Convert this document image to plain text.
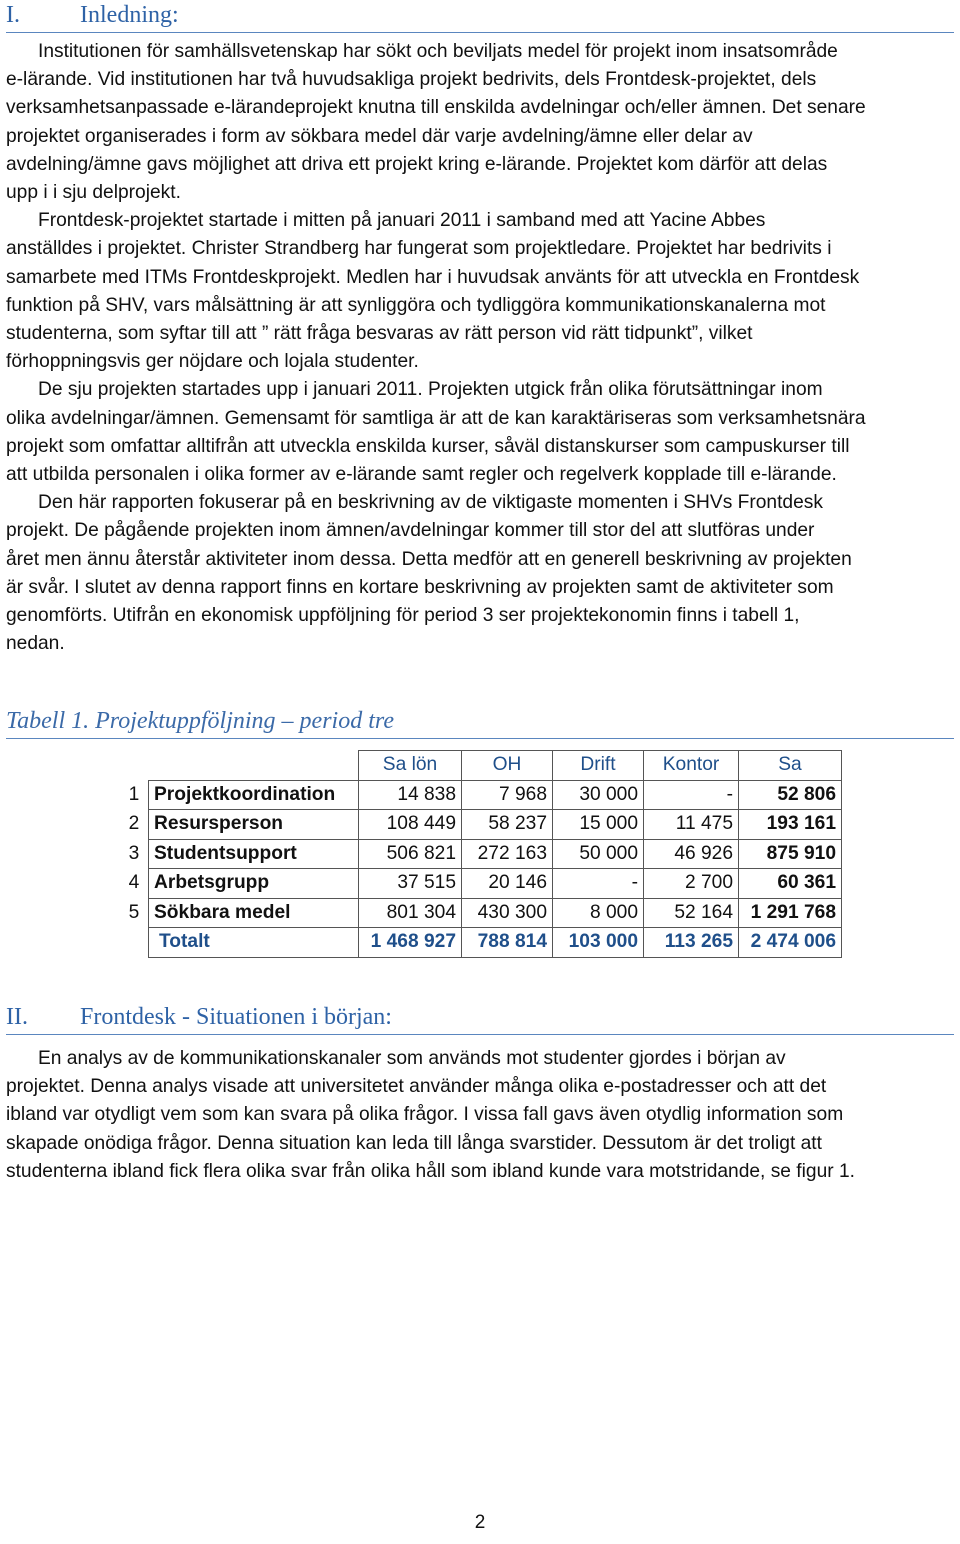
I.	Inledning:

Institutionen för samhällsvetenskap har sökt och beviljats medel för projekt inom insatsområde

e-lärande. Vid institutionen har två huvudsakliga projekt bedrivits, dels Frontdesk-projektet, dels

verksamhetsanpassade e-lärandeprojekt knutna till enskilda avdelningar och/eller ämnen. Det senare

projektet organiserades i form av sökbara medel där varje avdelning/ämne eller delar av

avdelning/ämne gavs möjlighet att driva ett projekt kring e-lärande. Projektet kom därför att delas

upp i i sju delprojekt.

Frontdesk-projektet startade i mitten på januari 2011 i samband med att Yacine Abbes

anställdes i projektet. Christer Strandberg har fungerat som projektledare. Projektet har bedrivits i

samarbete med ITMs Frontdeskprojekt. Medlen har i huvudsak använts för att utveckla en Frontdesk

funktion på SHV, vars målsättning är att synliggöra och tydliggöra kommunikationskanalerna mot

studenterna, som syftar till att ” rätt fråga besvaras av rätt person vid rätt tidpunkt”, vilket

förhoppningsvis ger nöjdare och lojala studenter.

De sju projekten startades upp i januari 2011. Projekten utgick från olika förutsättningar inom

olika avdelningar/ämnen. Gemensamt för samtliga är att de kan karaktäriseras som verksamhetsnära

projekt som omfattar alltifrån att utveckla enskilda kurser, såväl distanskurser som campuskurser till

att utbilda personalen i olika former av e-lärande samt regler och regelverk kopplade till e-lärande.

Den här rapporten fokuserar på en beskrivning av de viktigaste momenten i SHVs Frontdesk

projekt. De pågående projekten inom ämnen/avdelningar kommer till stor del att slutföras under

året men ännu återstår aktiviteter inom dessa. Detta medför att en generell beskrivning av projekten

är svår. I slutet av denna rapport finns en kortare beskrivning av projekten samt de aktiviteter som

genomförts. Utifrån en ekonomisk uppföljning för period 3 ser projektekonomin finns i tabell 1,

nedan.

Tabell 1. Projektuppföljning – period tre
		Sa lön	OH	Drift	Kontor	Sa
1	Projektkoordination	14 838	7 968	30 000	-	52 806
2	Resursperson	108 449	58 237	15 000	11 475	193 161
3	Studentsupport	506 821	272 163	50 000	46 926	875 910
4	Arbetsgrupp	37 515	20 146	-	2 700	60 361
5	Sökbara medel	801 304	430 300	8 000	52 164	1 291 768
	Totalt	1 468 927	788 814	103 000	113 265	2 474 006
II. Frontdesk - Situationen i början:

En analys av de kommunikationskanaler som används mot studenter gjordes i början av

projektet. Denna analys visade att universitetet använder många olika e-postadresser och att det

ibland var otydligt vem som kan svara på olika frågor. I vissa fall gavs även otydlig information som

skapade onödiga frågor. Denna situation kan leda till långa svarstider. Dessutom är det troligt att

studenterna ibland fick flera olika svar från olika håll som ibland kunde vara motstridande, se figur 1.

2
